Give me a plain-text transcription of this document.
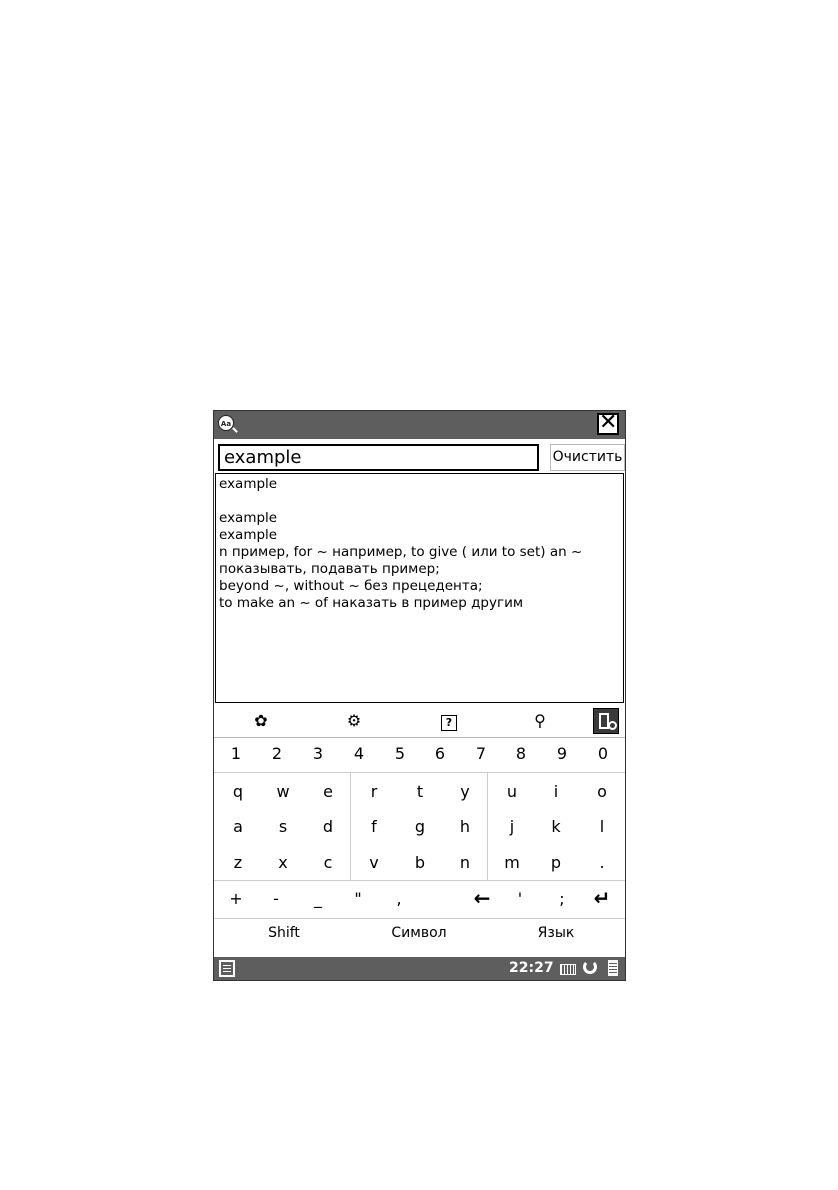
Aa	✕
example	Очистить
example
example
example
n пример, for ~ например, to give ( или to set) an ~
показывать, подавать пример;
beyond ~, without ~ без прецедента;
to make an ~ of наказать в пример другим
✿	⚙	?	⚲
1	2	3	4	5	6	7	8	9	0
q	w	e	r	t	y	u	i	o
a	s	d	f	g	h	j	k	l
z	x	c	v	b	n	m	p	.
+	-	_	"	,	←	'	;	↵
Shift	Символ	Язык
22:27
